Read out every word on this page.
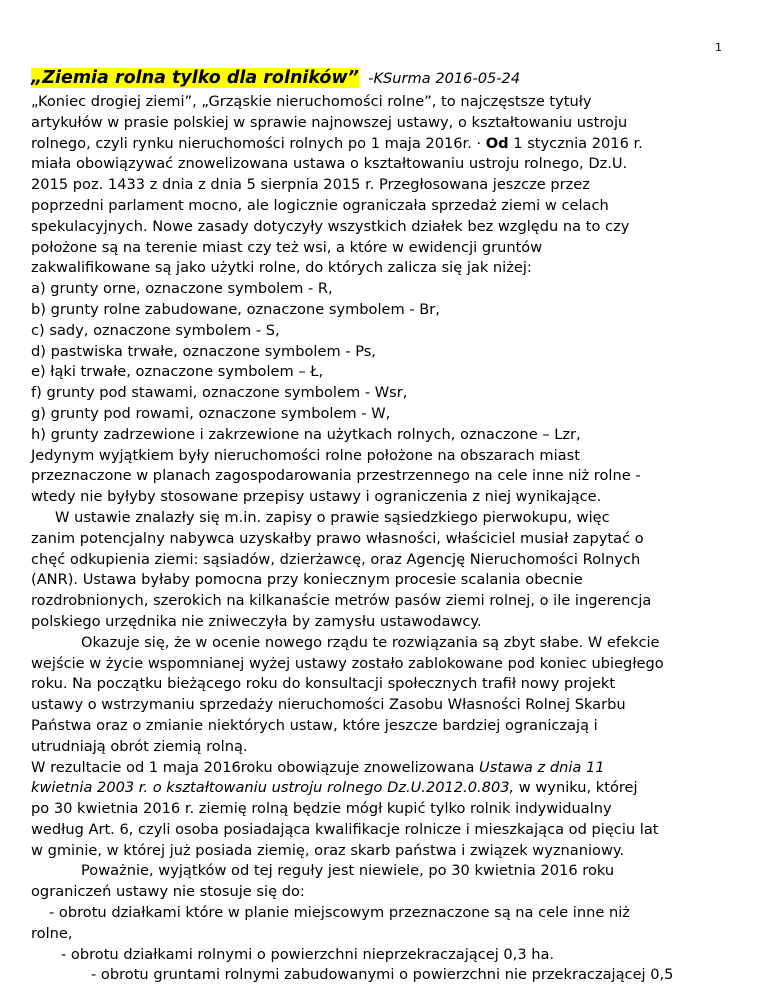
1
„Ziemia rolna tylko dla rolników” -KSurma 2016-05-24
„Koniec drogiej ziemi”, „Grząskie nieruchomości rolne”, to najczęstsze tytuły
artykułów w prasie polskiej w sprawie najnowszej ustawy, o kształtowaniu ustroju
rolnego, czyli rynku nieruchomości rolnych po 1 maja 2016r. · Od 1 stycznia 2016 r.
miała obowiązywać znowelizowana ustawa o kształtowaniu ustroju rolnego, Dz.U.
2015 poz. 1433 z dnia z dnia 5 sierpnia 2015 r. Przegłosowana jeszcze przez
poprzedni parlament mocno, ale logicznie ograniczała sprzedaż ziemi w celach
spekulacyjnych. Nowe zasady dotyczyły wszystkich działek bez względu na to czy
położone są na terenie miast czy też wsi, a które w ewidencji gruntów
zakwalifikowane są jako użytki rolne, do których zalicza się jak niżej:
a) grunty orne, oznaczone symbolem - R,
b) grunty rolne zabudowane, oznaczone symbolem - Br,
c) sady, oznaczone symbolem - S,
d) pastwiska trwałe, oznaczone symbolem - Ps,
e) łąki trwałe, oznaczone symbolem – Ł,
f) grunty pod stawami, oznaczone symbolem - Wsr,
g) grunty pod rowami, oznaczone symbolem - W,
h) grunty zadrzewione i zakrzewione na użytkach rolnych, oznaczone – Lzr,
Jedynym wyjątkiem były nieruchomości rolne położone na obszarach miast
przeznaczone w planach zagospodarowania przestrzennego na cele inne niż rolne -
wtedy nie byłyby stosowane przepisy ustawy i ograniczenia z niej wynikające.
W ustawie znalazły się m.in. zapisy o prawie sąsiedzkiego pierwokupu, więc
zanim potencjalny nabywca uzyskałby prawo własności, właściciel musiał zapytać o
chęć odkupienia ziemi: sąsiadów, dzierżawcę, oraz Agencję Nieruchomości Rolnych
(ANR). Ustawa byłaby pomocna przy koniecznym procesie scalania obecnie
rozdrobnionych, szerokich na kilkanaście metrów pasów ziemi rolnej, o ile ingerencja
polskiego urzędnika nie zniweczyła by zamysłu ustawodawcy.
Okazuje się, że w ocenie nowego rządu te rozwiązania są zbyt słabe. W efekcie
wejście w życie wspomnianej wyżej ustawy zostało zablokowane pod koniec ubiegłego
roku. Na początku bieżącego roku do konsultacji społecznych trafił nowy projekt
ustawy o wstrzymaniu sprzedaży nieruchomości Zasobu Własności Rolnej Skarbu
Państwa oraz o zmianie niektórych ustaw, które jeszcze bardziej ograniczają i
utrudniają obrót ziemią rolną.
W rezultacie od 1 maja 2016roku obowiązuje znowelizowana Ustawa z dnia 11
kwietnia 2003 r. o kształtowaniu ustroju rolnego Dz.U.2012.0.803, w wyniku, której
po 30 kwietnia 2016 r. ziemię rolną będzie mógł kupić tylko rolnik indywidualny
według Art. 6, czyli osoba posiadająca kwalifikacje rolnicze i mieszkająca od pięciu lat
w gminie, w której już posiada ziemię, oraz skarb państwa i związek wyznaniowy.
Poważnie, wyjątków od tej reguły jest niewiele, po 30 kwietnia 2016 roku
ograniczeń ustawy nie stosuje się do:
- obrotu działkami które w planie miejscowym przeznaczone są na cele inne niż
rolne,
- obrotu działkami rolnymi o powierzchni nieprzekraczającej 0,3 ha.
- obrotu gruntami rolnymi zabudowanymi o powierzchni nie przekraczającej 0,5
